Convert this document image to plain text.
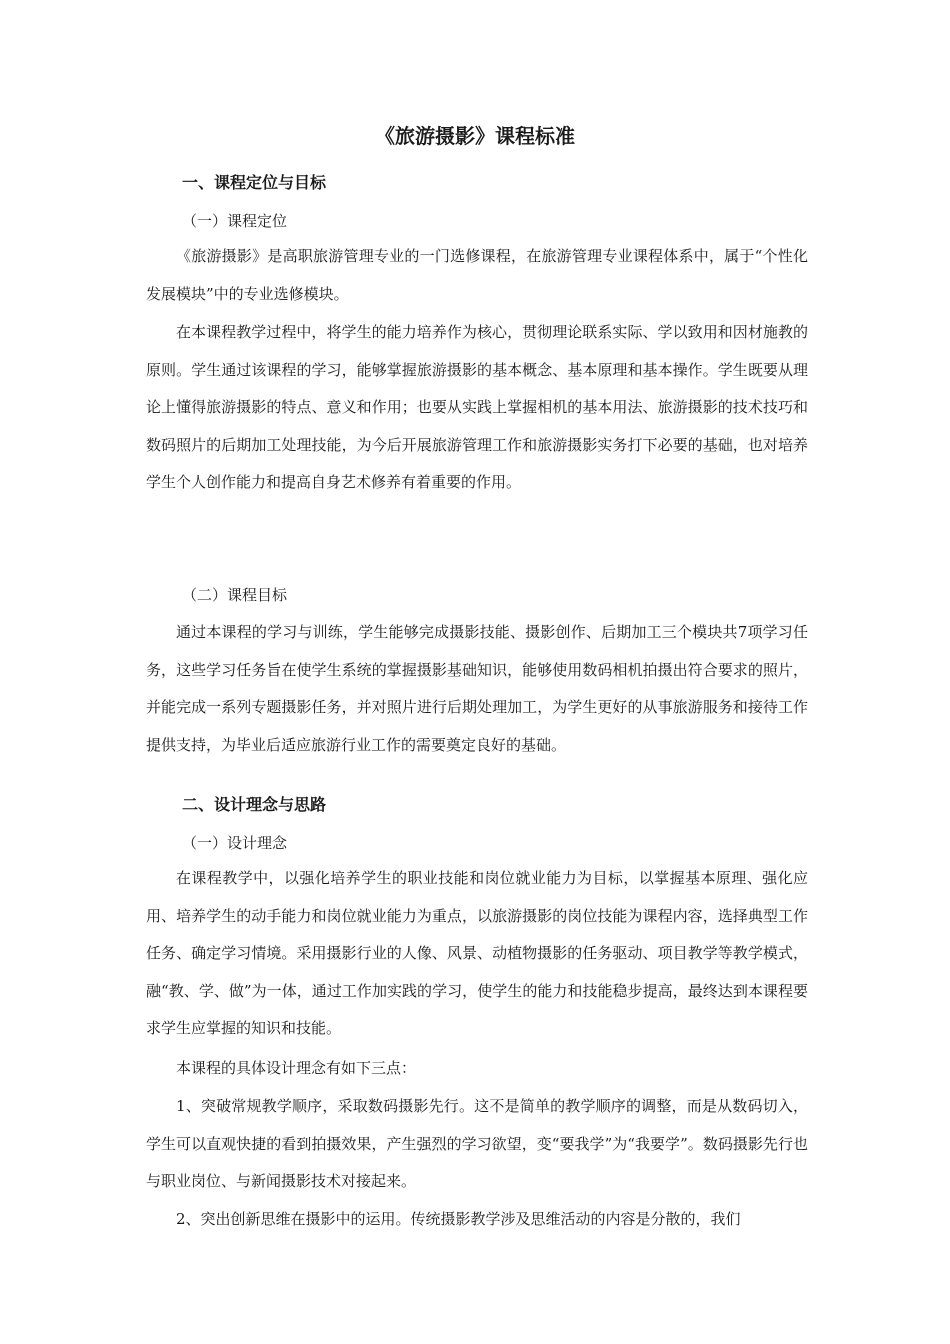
《旅游摄影》课程标准
一、课程定位与目标
（一）课程定位

《旅游摄影》是高职旅游管理专业的一门选修课程，在旅游管理专业课程体系中，属于“个性化发展模块”中的专业选修模块。

在本课程教学过程中，将学生的能力培养作为核心，贯彻理论联系实际、学以致用和因材施教的原则。学生通过该课程的学习，能够掌握旅游摄影的基本概念、基本原理和基本操作。学生既要从理论上懂得旅游摄影的特点、意义和作用；也要从实践上掌握相机的基本用法、旅游摄影的技术技巧和数码照片的后期加工处理技能，为今后开展旅游管理工作和旅游摄影实务打下必要的基础，也对培养学生个人创作能力和提高自身艺术修养有着重要的作用。

（二）课程目标

通过本课程的学习与训练，学生能够完成摄影技能、摄影创作、后期加工三个模块共7项学习任务，这些学习任务旨在使学生系统的掌握摄影基础知识，能够使用数码相机拍摄出符合要求的照片，并能完成一系列专题摄影任务，并对照片进行后期处理加工，为学生更好的从事旅游服务和接待工作提供支持，为毕业后适应旅游行业工作的需要奠定良好的基础。

二、设计理念与思路
（一）设计理念

在课程教学中，以强化培养学生的职业技能和岗位就业能力为目标，以掌握基本原理、强化应用、培养学生的动手能力和岗位就业能力为重点，以旅游摄影的岗位技能为课程内容，选择典型工作任务、确定学习情境。采用摄影行业的人像、风景、动植物摄影的任务驱动、项目教学等教学模式，融“教、学、做”为一体，通过工作加实践的学习，使学生的能力和技能稳步提高，最终达到本课程要求学生应掌握的知识和技能。

本课程的具体设计理念有如下三点：

1、突破常规教学顺序，采取数码摄影先行。这不是简单的教学顺序的调整，而是从数码切入，学生可以直观快捷的看到拍摄效果，产生强烈的学习欲望，变“要我学”为“我要学”。数码摄影先行也与职业岗位、与新闻摄影技术对接起来。

2、突出创新思维在摄影中的运用。传统摄影教学涉及思维活动的内容是分散的，我们
